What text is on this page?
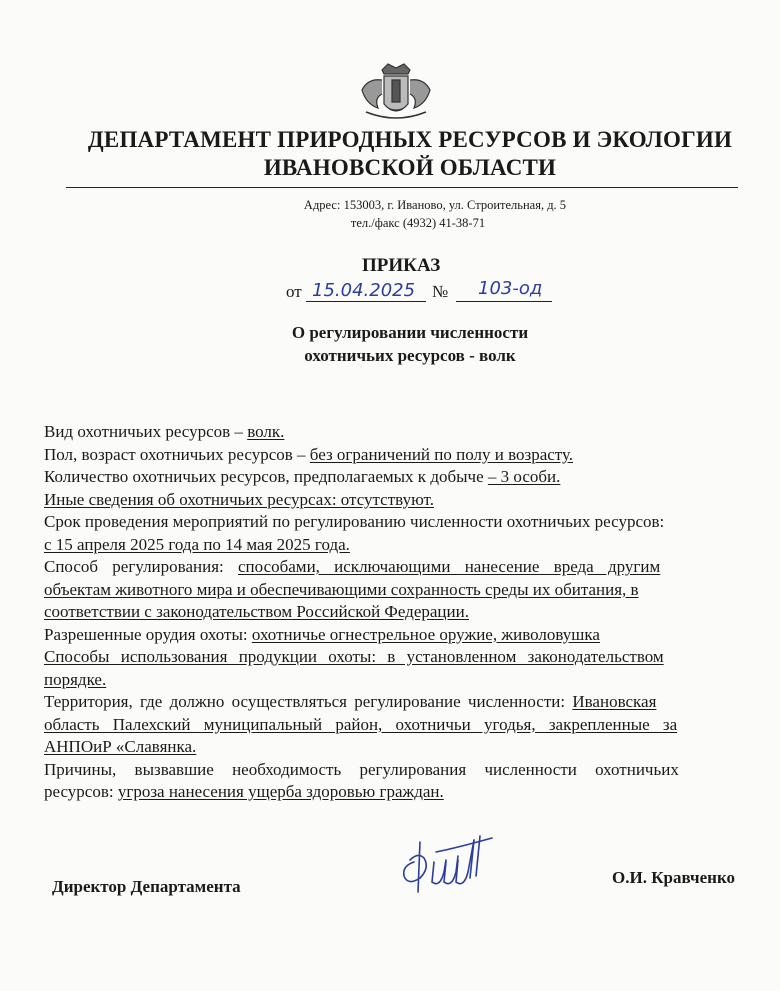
ДЕПАРТАМЕНТ ПРИРОДНЫХ РЕСУРСОВ И ЭКОЛОГИИ
ИВАНОВСКОЙ ОБЛАСТИ
Адрес: 153003, г. Иваново, ул. Строительная, д. 5
тел./факс (4932) 41-38-71
ПРИКАЗ
от 15.04.2025 № 103-од
О регулировании численности
охотничьих ресурсов - волк

Вид охотничьих ресурсов – волк.

Пол, возраст охотничьих ресурсов – без ограничений по полу и возрасту.

Количество охотничьих ресурсов, предполагаемых к добыче – 3 особи.

Иные сведения об охотничьих ресурсах: отсутствуют.

Срок проведения мероприятий по регулированию численности охотничьих ресурсов:

с 15 апреля 2025 года по 14 мая 2025 года.

Способ регулирования: способами, исключающими нанесение вреда другим

объектам животного мира и обеспечивающими сохранность среды их обитания, в

соответствии с законодательством Российской Федерации.

Разрешенные орудия охоты: охотничье огнестрельное оружие, живоловушка

Способы использования продукции охоты: в установленном законодательством

порядке.

Территория, где должно осуществляться регулирование численности: Ивановская

область Палехский муниципальный район, охотничьи угодья, закрепленные за

АНПОиР «Славянка.

Причины, вызвавшие необходимость регулирования численности охотничьих

ресурсов: угроза нанесения ущерба здоровью граждан.

Директор Департамента	О.И. Кравченко
